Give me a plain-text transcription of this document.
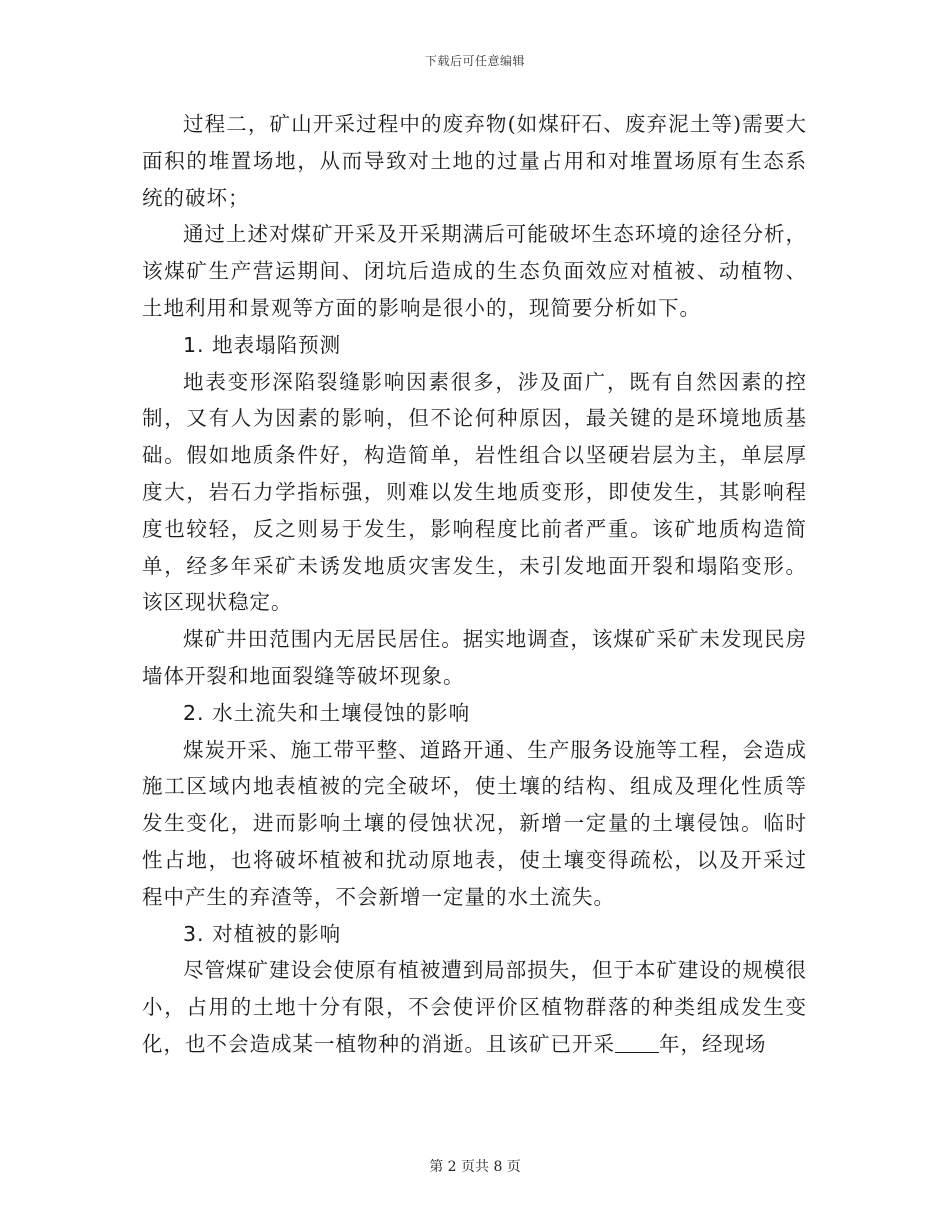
下载后可任意编辑

过程二，矿山开采过程中的废弃物(如煤矸石、废弃泥土等)需要大面积的堆置场地，从而导致对土地的过量占用和对堆置场原有生态系统的破坏；

通过上述对煤矿开采及开采期满后可能破坏生态环境的途径分析，该煤矿生产营运期间、闭坑后造成的生态负面效应对植被、动植物、土地利用和景观等方面的影响是很小的，现简要分析如下。

1. 地表塌陷预测

地表变形深陷裂缝影响因素很多，涉及面广，既有自然因素的控制，又有人为因素的影响，但不论何种原因，最关键的是环境地质基础。假如地质条件好，构造简单，岩性组合以坚硬岩层为主，单层厚度大，岩石力学指标强，则难以发生地质变形，即使发生，其影响程度也较轻，反之则易于发生，影响程度比前者严重。该矿地质构造简单，经多年采矿未诱发地质灾害发生，未引发地面开裂和塌陷变形。该区现状稳定。

煤矿井田范围内无居民居住。据实地调查，该煤矿采矿未发现民房墙体开裂和地面裂缝等破坏现象。

2. 水土流失和土壤侵蚀的影响

煤炭开采、施工带平整、道路开通、生产服务设施等工程，会造成施工区域内地表植被的完全破坏，使土壤的结构、组成及理化性质等发生变化，进而影响土壤的侵蚀状况，新增一定量的土壤侵蚀。临时性占地，也将破坏植被和扰动原地表，使土壤变得疏松，以及开采过程中产生的弃渣等，不会新增一定量的水土流失。

3. 对植被的影响

尽管煤矿建设会使原有植被遭到局部损失，但于本矿建设的规模很小，占用的土地十分有限，不会使评价区植物群落的种类组成发生变化，也不会造成某一植物种的消逝。且该矿已开采 年，经现场

第 2 页共 8 页
